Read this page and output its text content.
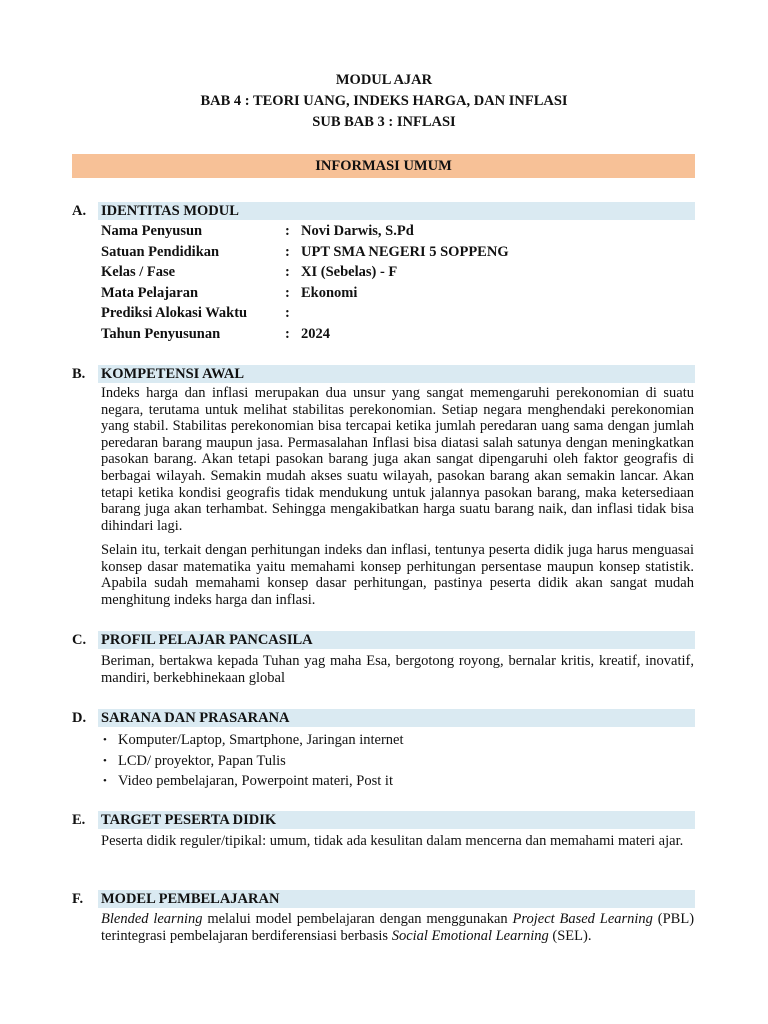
MODUL AJAR
BAB 4 : TEORI UANG, INDEKS HARGA, DAN INFLASI
SUB BAB 3 : INFLASI
INFORMASI UMUM
A. IDENTITAS MODUL
Nama Penyusun	: Novi Darwis, S.Pd
Satuan Pendidikan	: UPT SMA NEGERI 5 SOPPENG
Kelas / Fase	: XI (Sebelas) - F
Mata Pelajaran	: Ekonomi
Prediksi Alokasi Waktu	:
Tahun Penyusunan	: 2024
B. KOMPETENSI AWAL

Indeks harga dan inflasi merupakan dua unsur yang sangat memengaruhi perekonomian di suatu negara, terutama untuk melihat stabilitas perekonomian. Setiap negara menghendaki perekonomian yang stabil. Stabilitas perekonomian bisa tercapai ketika jumlah peredaran uang sama dengan jumlah peredaran barang maupun jasa. Permasalahan Inflasi bisa diatasi salah satunya dengan meningkatkan pasokan barang. Akan tetapi pasokan barang juga akan sangat dipengaruhi oleh faktor geografis di berbagai wilayah. Semakin mudah akses suatu wilayah, pasokan barang akan semakin lancar. Akan tetapi ketika kondisi geografis tidak mendukung untuk jalannya pasokan barang, maka ketersediaan barang juga akan terhambat. Sehingga mengakibatkan harga suatu barang naik, dan inflasi tidak bisa dihindari lagi.

Selain itu, terkait dengan perhitungan indeks dan inflasi, tentunya peserta didik juga harus menguasai konsep dasar matematika yaitu memahami konsep perhitungan persentase maupun konsep statistik. Apabila sudah memahami konsep dasar perhitungan, pastinya peserta didik akan sangat mudah menghitung indeks harga dan inflasi.

C. PROFIL PELAJAR PANCASILA

Beriman, bertakwa kepada Tuhan yag maha Esa, bergotong royong, bernalar kritis, kreatif, inovatif, mandiri, berkebhinekaan global

D. SARANA DAN PRASARANA
• Komputer/Laptop, Smartphone, Jaringan internet
• LCD/ proyektor, Papan Tulis
• Video pembelajaran, Powerpoint materi, Post it
E. TARGET PESERTA DIDIK

Peserta didik reguler/tipikal: umum, tidak ada kesulitan dalam mencerna dan memahami materi ajar.

F. MODEL PEMBELAJARAN

Blended learning melalui model pembelajaran dengan menggunakan Project Based Learning (PBL) terintegrasi pembelajaran berdiferensiasi berbasis Social Emotional Learning (SEL).
